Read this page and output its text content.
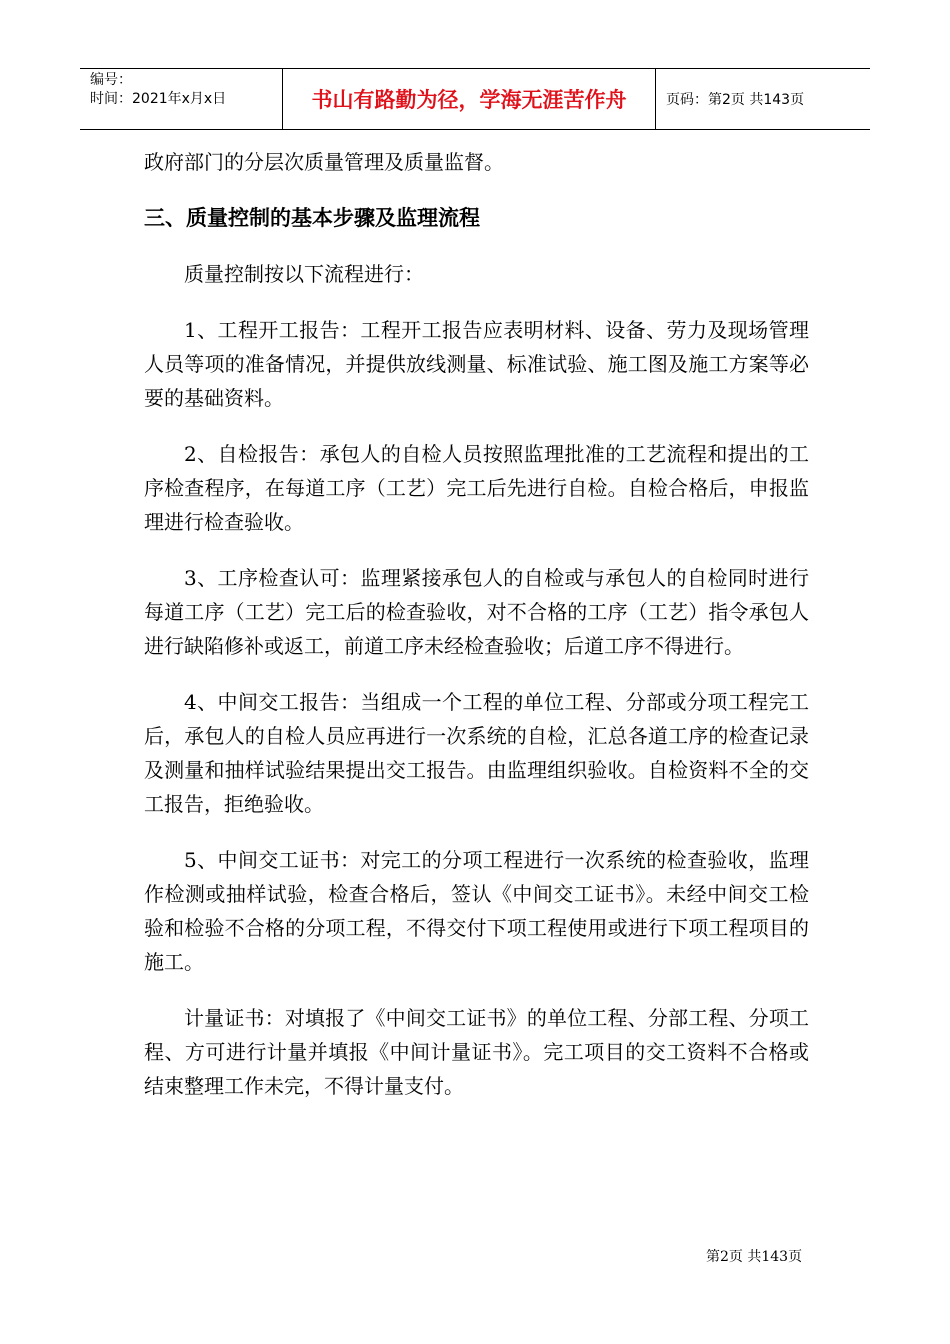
编号：
时间：2021年x月x日	书山有路勤为径，学海无涯苦作舟	页码：第2页 共143页

政府部门的分层次质量管理及质量监督。

三、质量控制的基本步骤及监理流程

质量控制按以下流程进行：

1、工程开工报告：工程开工报告应表明材料、设备、劳力及现场管理人员等项的准备情况，并提供放线测量、标准试验、施工图及施工方案等必要的基础资料。

2、自检报告：承包人的自检人员按照监理批准的工艺流程和提出的工序检查程序，在每道工序（工艺）完工后先进行自检。自检合格后，申报监理进行检查验收。

3、工序检查认可：监理紧接承包人的自检或与承包人的自检同时进行每道工序（工艺）完工后的检查验收，对不合格的工序（工艺）指令承包人进行缺陷修补或返工，前道工序未经检查验收；后道工序不得进行。

4、中间交工报告：当组成一个工程的单位工程、分部或分项工程完工后，承包人的自检人员应再进行一次系统的自检，汇总各道工序的检查记录及测量和抽样试验结果提出交工报告。由监理组织验收。自检资料不全的交工报告，拒绝验收。

5、中间交工证书：对完工的分项工程进行一次系统的检查验收，监理作检测或抽样试验，检查合格后，签认《中间交工证书》。未经中间交工检验和检验不合格的分项工程，不得交付下项工程使用或进行下项工程项目的施工。

计量证书：对填报了《中间交工证书》的单位工程、分部工程、分项工程、方可进行计量并填报《中间计量证书》。完工项目的交工资料不合格或结束整理工作未完，不得计量支付。

第2页 共143页
